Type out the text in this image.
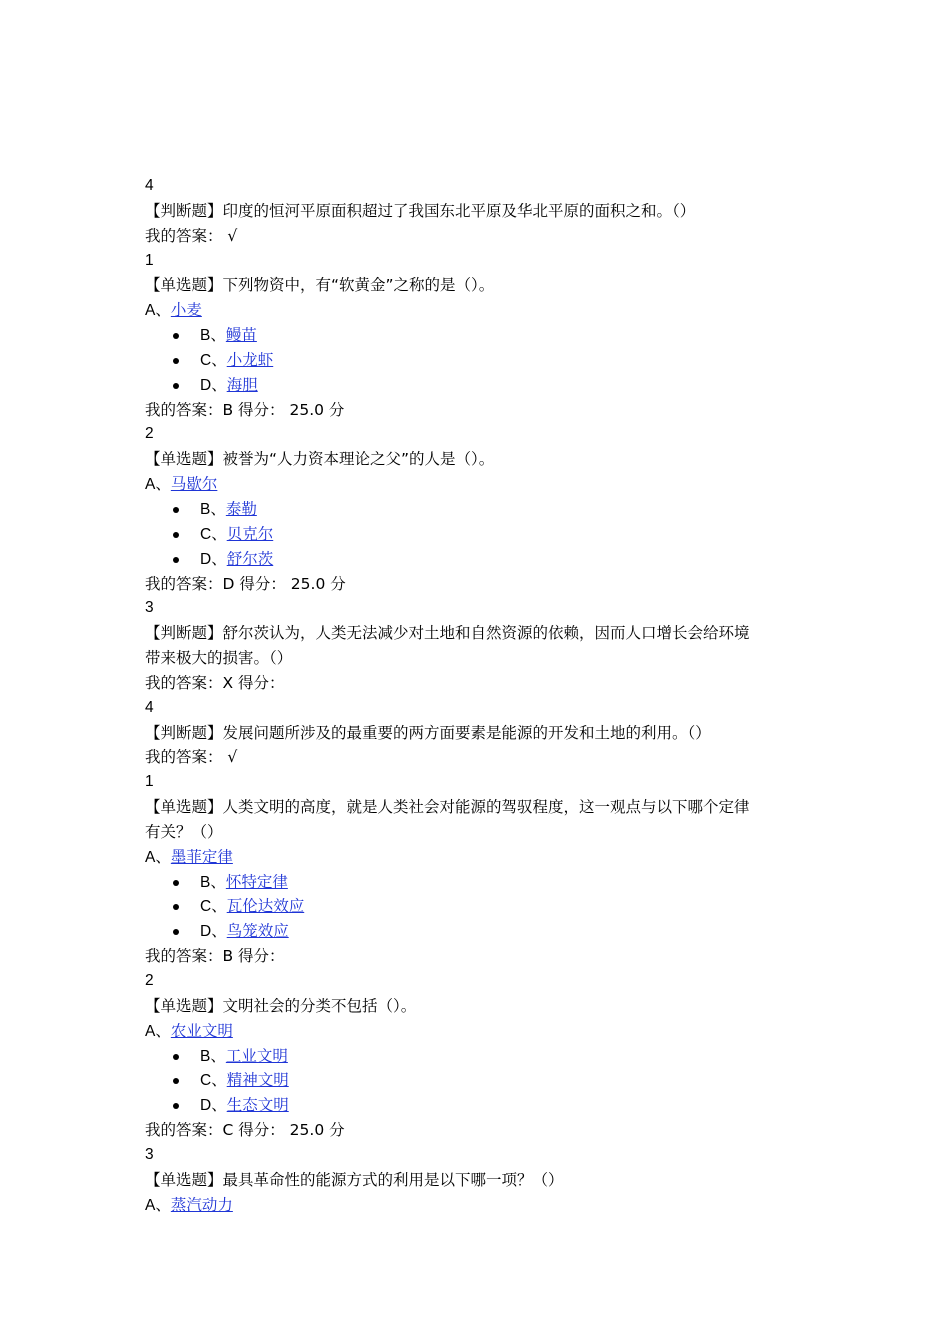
4
【判断题】印度的恒河平原面积超过了我国东北平原及华北平原的面积之和。（）
我的答案： √
1
【单选题】下列物资中，有“软黄金”之称的是（）。
A、小麦
B、鳗苗
C、小龙虾
D、海胆
我的答案：B 得分： 25.0 分
2
【单选题】被誉为“人力资本理论之父”的人是（）。
A、马歇尔
B、泰勒
C、贝克尔
D、舒尔茨
我的答案：D 得分： 25.0 分
3
【判断题】舒尔茨认为，人类无法减少对土地和自然资源的依赖，因而人口增长会给环境
带来极大的损害。（）
我的答案：X 得分：
4
【判断题】发展问题所涉及的最重要的两方面要素是能源的开发和土地的利用。（）
我的答案： √
1
【单选题】人类文明的高度，就是人类社会对能源的驾驭程度，这一观点与以下哪个定律
有关？（）
A、墨菲定律
B、怀特定律
C、瓦伦达效应
D、鸟笼效应
我的答案：B 得分：
2
【单选题】文明社会的分类不包括（）。
A、农业文明
B、工业文明
C、精神文明
D、生态文明
我的答案：C 得分： 25.0 分
3
【单选题】最具革命性的能源方式的利用是以下哪一项？（）
A、蒸汽动力
